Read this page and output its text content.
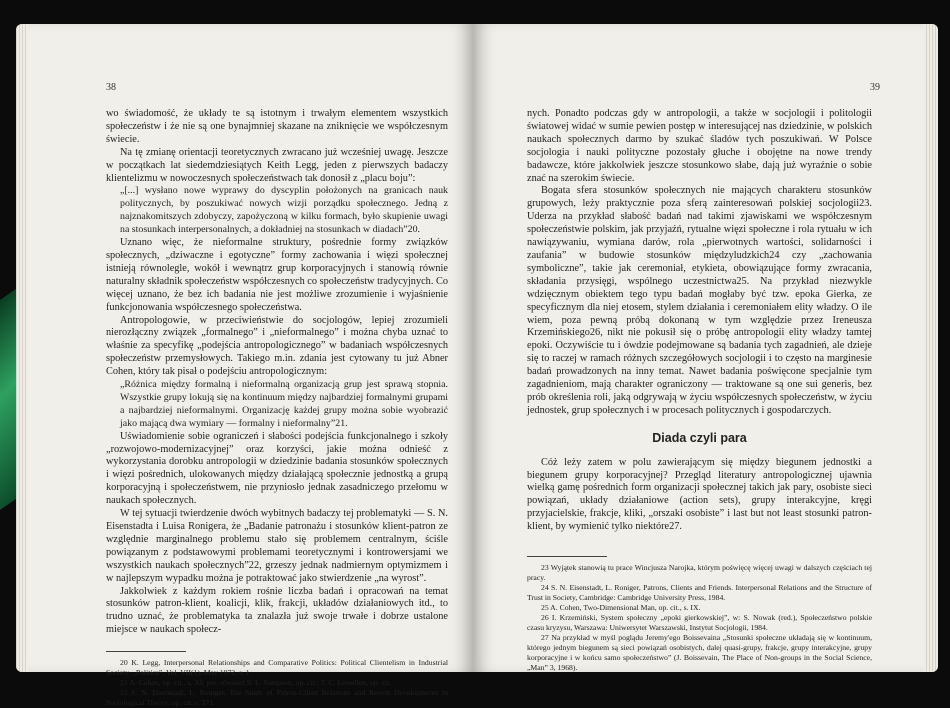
38

wo świadomość, że układy te są istotnym i trwałym elementem wszystkich społeczeństw i że nie są one bynajmniej skazane na zniknięcie we współczesnym świecie.

Na tę zmianę orientacji teoretycznych zwracano już wcześniej uwagę. Jeszcze w początkach lat siedemdziesiątych Keith Legg, jeden z pierwszych badaczy klientelizmu w nowoczesnych społeczeństwach tak donosił z „placu boju”:

„[...] wysłano nowe wyprawy do dyscyplin położonych na granicach nauk politycznych, by poszukiwać nowych wizji porządku społecznego. Jedną z najznakomitszych zdobyczy, zapożyczoną w kilku formach, było skupienie uwagi na stosunkach interpersonalnych, a dokładniej na stosunkach w diadach”20.

Uznano więc, że nieformalne struktury, pośrednie formy związków społecznych, „dziwaczne i egotyczne” formy zachowania i więzi społecznej istnieją równolegle, wokół i wewnątrz grup korporacyjnych i stanowią równie naturalny składnik społeczeństw współczesnych co społeczeństw tradycyjnych. Co więcej uznano, że bez ich badania nie jest możliwe zrozumienie i wyjaśnienie funkcjonowania współczesnego społeczeństwa.

Antropologowie, w przeciwieństwie do socjologów, lepiej zrozumieli nierozłączny związek „formalnego” i „nieformalnego” i można chyba uznać to właśnie za specyfikę „podejścia antropologicznego” w badaniach współczesnych społeczeństw przemysłowych. Takiego m.in. zdania jest cytowany tu już Abner Cohen, który tak pisał o podejściu antropologicznym:

„Różnica między formalną i nieformalną organizacją grup jest sprawą stopnia. Wszystkie grupy lokują się na kontinuum między najbardziej formalnymi grupami a najbardziej nieformalnymi. Organizację każdej grupy można sobie wyobrazić jako mającą dwa wymiary — formalny i nieformalny”21.

Uświadomienie sobie ograniczeń i słabości podejścia funkcjonalnego i szkoły „rozwojowo-modernizacyjnej” oraz korzyści, jakie można odnieść z wykorzystania dorobku antropologii w dziedzinie badania stosunków społecznych i więzi pośrednich, ulokowanych między działającą społecznie jednostką a grupą korporacyjną i społeczeństwem, nie przyniosło jednak zasadniczego przełomu w naukach społecznych.

W tej sytuacji twierdzenie dwóch wybitnych badaczy tej problematyki — S. N. Eisenstadta i Luisa Ronigera, że „Badanie patronażu i stosunków klient-patron ze względnie marginalnego problemu stało się problemem centralnym, ściśle powiązanym z podstawowymi problemami teoretycznymi i kontrowersjami we wszystkich naukach społecznych”22, grzeszy jednak nadmiernym optymizmem i w najlepszym wypadku można je potraktować jako stwierdzenie „na wyrost”.

Jakkolwiek z każdym rokiem rośnie liczba badań i opracowań na temat stosunków patron-klient, koalicji, klik, frakcji, układów działaniowych itd., to trudno uznać, że problematyka ta znalazła już swoje trwałe i dobrze ustalone miejsce w naukach społecz-

20 K. Legg, Interpersonal Relationships and Comparative Politics: Political Clientelism in Industrial Society, „Politics”, Vol. VII(1), May 1972, s. 1.

21 A. Cohen, op. cit., s. XI; por. również S. L. Sampson, op. cit.; T. C. Lewellen, op. cit.

22 S. N. Eisenstadt, L. Roniger, The Study of Patron-Client Relations and Recent Developments in Sociological Theory, op. cit. s. 271.

39

nych. Ponadto podczas gdy w antropologii, a także w socjologii i politologii światowej widać w sumie pewien postęp w interesującej nas dziedzinie, w polskich naukach społecznych darmo by szukać śladów tych poszukiwań. W Polsce socjologia i nauki polityczne pozostały głuche i obojętne na nowe trendy badawcze, które jakkolwiek jeszcze stosunkowo słabe, dają już wyraźnie o sobie znać na szerokim świecie.

Bogata sfera stosunków społecznych nie mających charakteru stosunków grupowych, leży praktycznie poza sferą zainteresowań polskiej socjologii23. Uderza na przykład słabość badań nad takimi zjawiskami we współczesnym społeczeństwie polskim, jak przyjaźń, rytualne więzi społeczne i rola rytuału w ich nawiązywaniu, wymiana darów, rola „pierwotnych wartości, solidarności i zaufania” w budowie stosunków międzyludzkich24 czy „zachowania symboliczne”, takie jak ceremoniał, etykieta, obowiązujące formy zwracania, składania przysięgi, wspólnego uczestnictwa25. Na przykład niezwykle wdzięcznym obiektem tego typu badań mogłaby być tzw. epoka Gierka, ze specyficznym dla niej etosem, stylem działania i ceremoniałem elity władzy. O ile wiem, poza pewną próbą dokonaną w tym względzie przez Ireneusza Krzemińskiego26, nikt nie pokusił się o próbę antropologii elity władzy tamtej epoki. Oczywiście tu i ówdzie podejmowane są badania tych zagadnień, ale dzieje się to raczej w ramach różnych szczegółowych socjologii i to często na marginesie badań prowadzonych na inny temat. Nawet badania poświęcone specjalnie tym zagadnieniom, mają charakter ograniczony — traktowane są one sui generis, bez prób określenia roli, jaką odgrywają w życiu współczesnych społeczeństw, w życiu jednostek, grup społecznych i w procesach politycznych i gospodarczych.

Diada czyli para

Cóż leży zatem w polu zawierającym się między biegunem jednostki a biegunem grupy korporacyjnej? Przegląd literatury antropologicznej ujawnia wielką gamę pośrednich form organizacji społecznej takich jak pary, osobiste sieci powiązań, układy działaniowe (action sets), grupy interakcyjne, kręgi przyjacielskie, frakcje, kliki, „orszaki osobiste” i last but not least stosunki patron-klient, by wymienić tylko niektóre27.

23 Wyjątek stanowią tu prace Wincjusza Narojka, którym poświęcę więcej uwagi w dalszych częściach tej pracy.

24 S. N. Eisenstadt, L. Roniger, Patrons, Clients and Friends. Interpersonal Relations and the Structure of Trust in Society, Cambridge: Cambridge University Press, 1984.

25 A. Cohen, Two-Dimensional Man, op. cit., s. IX.

26 I. Krzemiński, System społeczny „epoki gierkowskiej”, w: S. Nowak (red.), Społeczeństwo polskie czasu kryzysu, Warszawa: Uniwersytet Warszawski, Instytut Socjologii, 1984.

27 Na przykład w myśl poglądu Jeremy'ego Boissevaina „Stosunki społeczne układają się w kontinuum, którego jednym biegunem są sieci powiązań osobistych, dalej quasi-grupy, frakcje, grupy interakcyjne, grupy korporacyjne i w końcu samo społeczeństwo” (J. Boissevain, The Place of Non-groups in the Social Science, „Man” 3, 1968).
